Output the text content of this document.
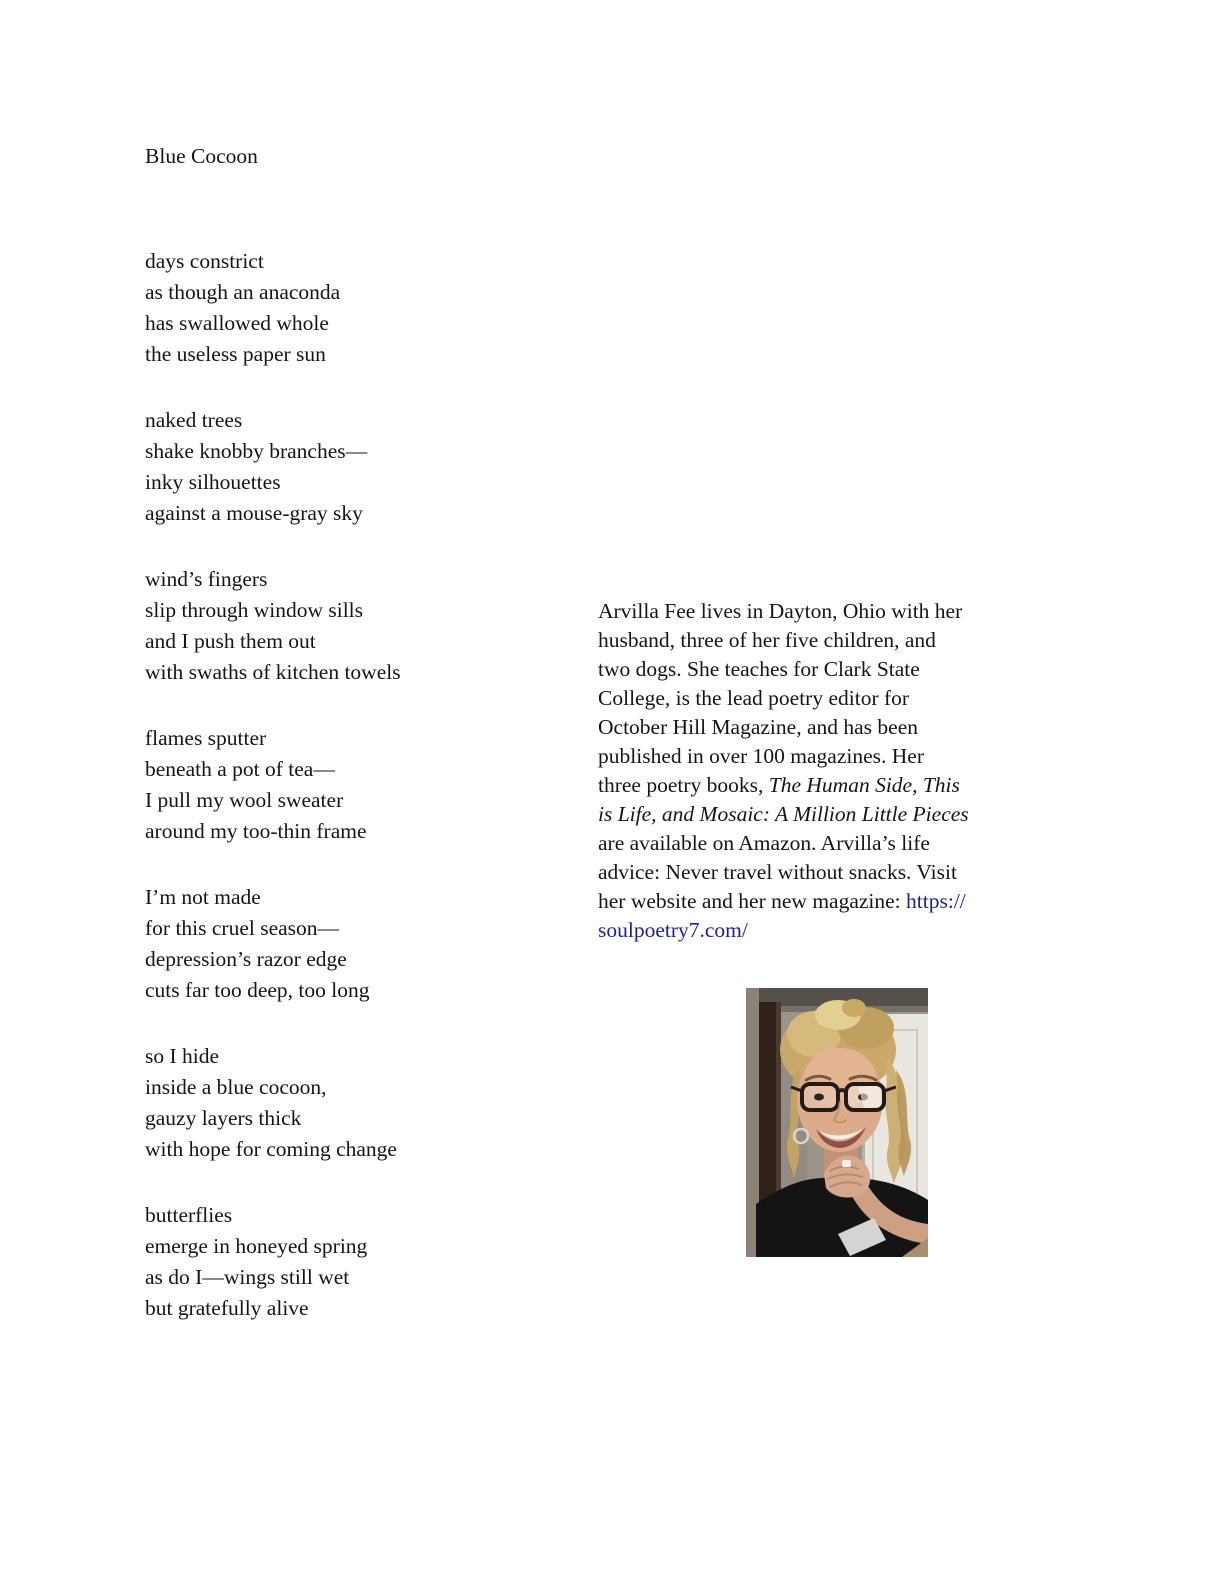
Blue Cocoon
days constrict
as though an anaconda
has swallowed whole
the useless paper sun
naked trees
shake knobby branches—
inky silhouettes
against a mouse-gray sky
wind’s fingers
slip through window sills
and I push them out
with swaths of kitchen towels
flames sputter
beneath a pot of tea—
I pull my wool sweater
around my too-thin frame
I’m not made
for this cruel season—
depression’s razor edge
cuts far too deep, too long
so I hide
inside a blue cocoon,
gauzy layers thick
with hope for coming change
butterflies
emerge in honeyed spring
as do I—wings still wet
but gratefully alive
Arvilla Fee lives in Dayton, Ohio with her
husband, three of her five children, and
two dogs. She teaches for Clark State
College, is the lead poetry editor for
October Hill Magazine, and has been
published in over 100 magazines. Her
three poetry books, The Human Side, This
is Life, and Mosaic: A Million Little Pieces
are available on Amazon. Arvilla’s life
advice: Never travel without snacks. Visit
her website and her new magazine: https://
soulpoetry7.com/
